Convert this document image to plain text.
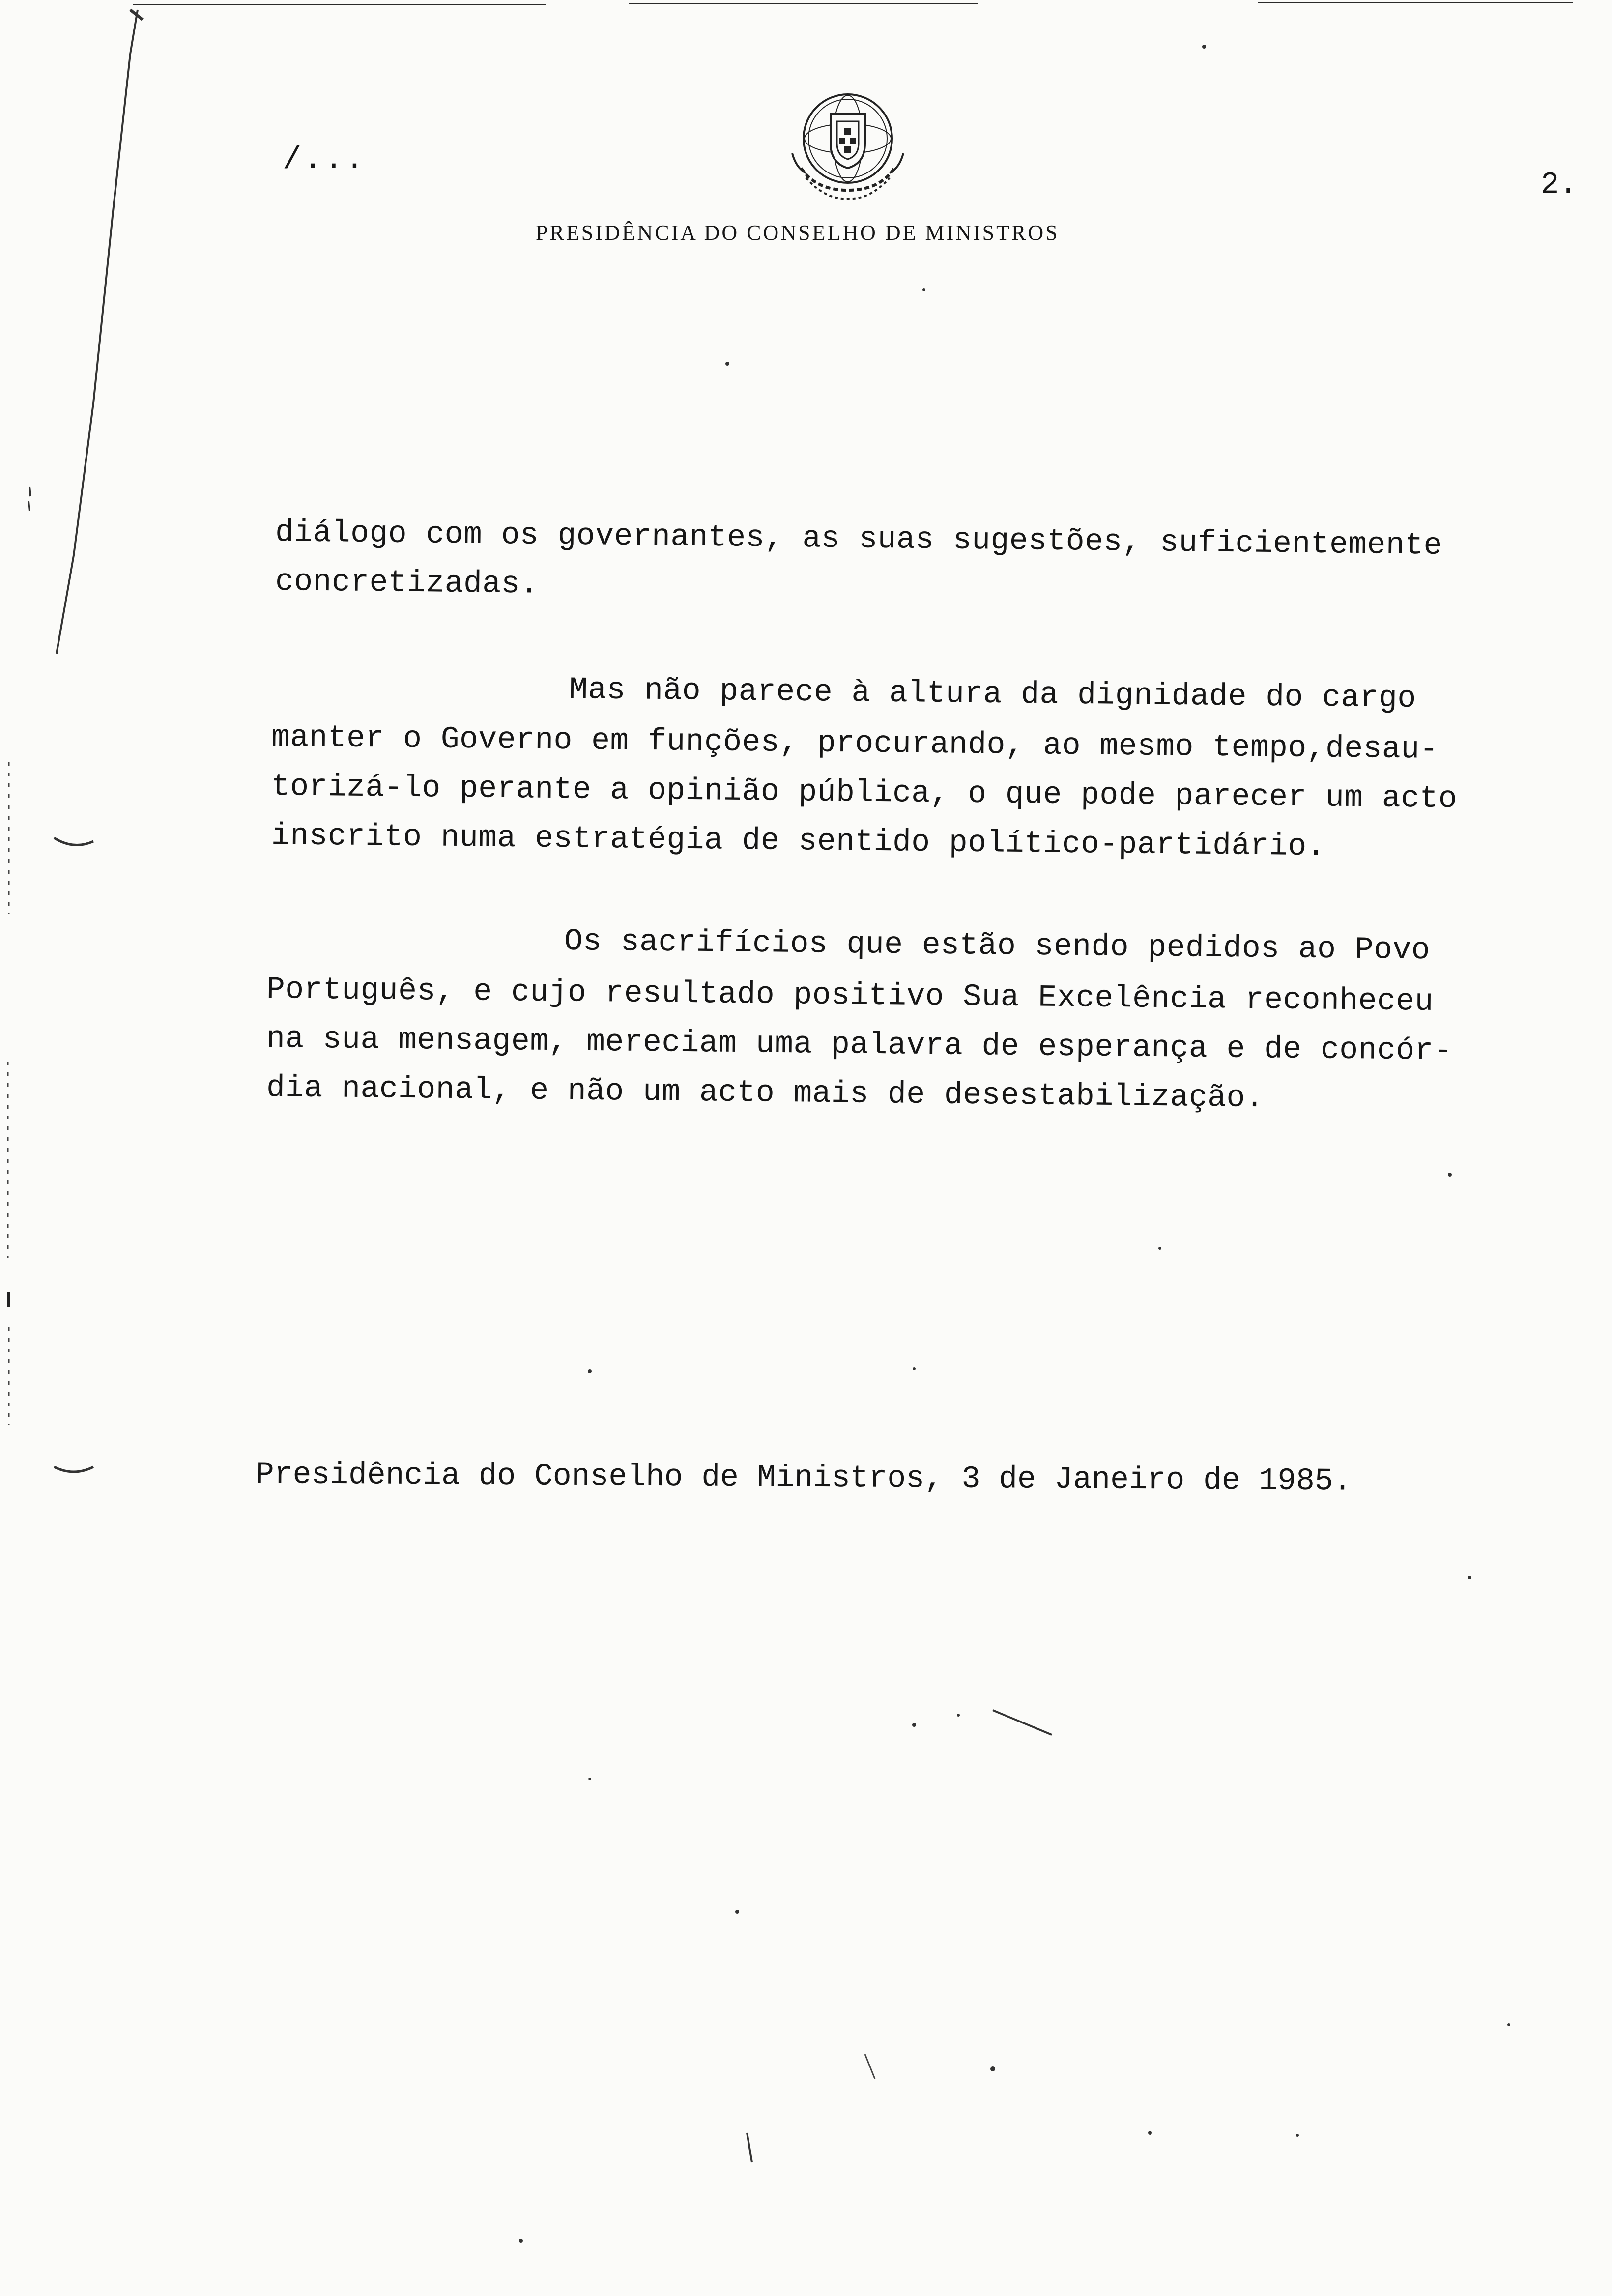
/...
2.
PRESIDÊNCIA DO CONSELHO DE MINISTROS
diálogo com os governantes, as suas sugestões, suficientemente
concretizadas.
Mas não parece à altura da dignidade do cargo
manter o Governo em funções, procurando, ao mesmo tempo,desau-
torizá-lo perante a opinião pública, o que pode parecer um acto
inscrito numa estratégia de sentido político-partidário.
Os sacrifícios que estão sendo pedidos ao Povo
Português, e cujo resultado positivo Sua Excelência reconheceu
na sua mensagem, mereciam uma palavra de esperança e de concór-
dia nacional, e não um acto mais de desestabilização.
Presidência do Conselho de Ministros, 3 de Janeiro de 1985.
